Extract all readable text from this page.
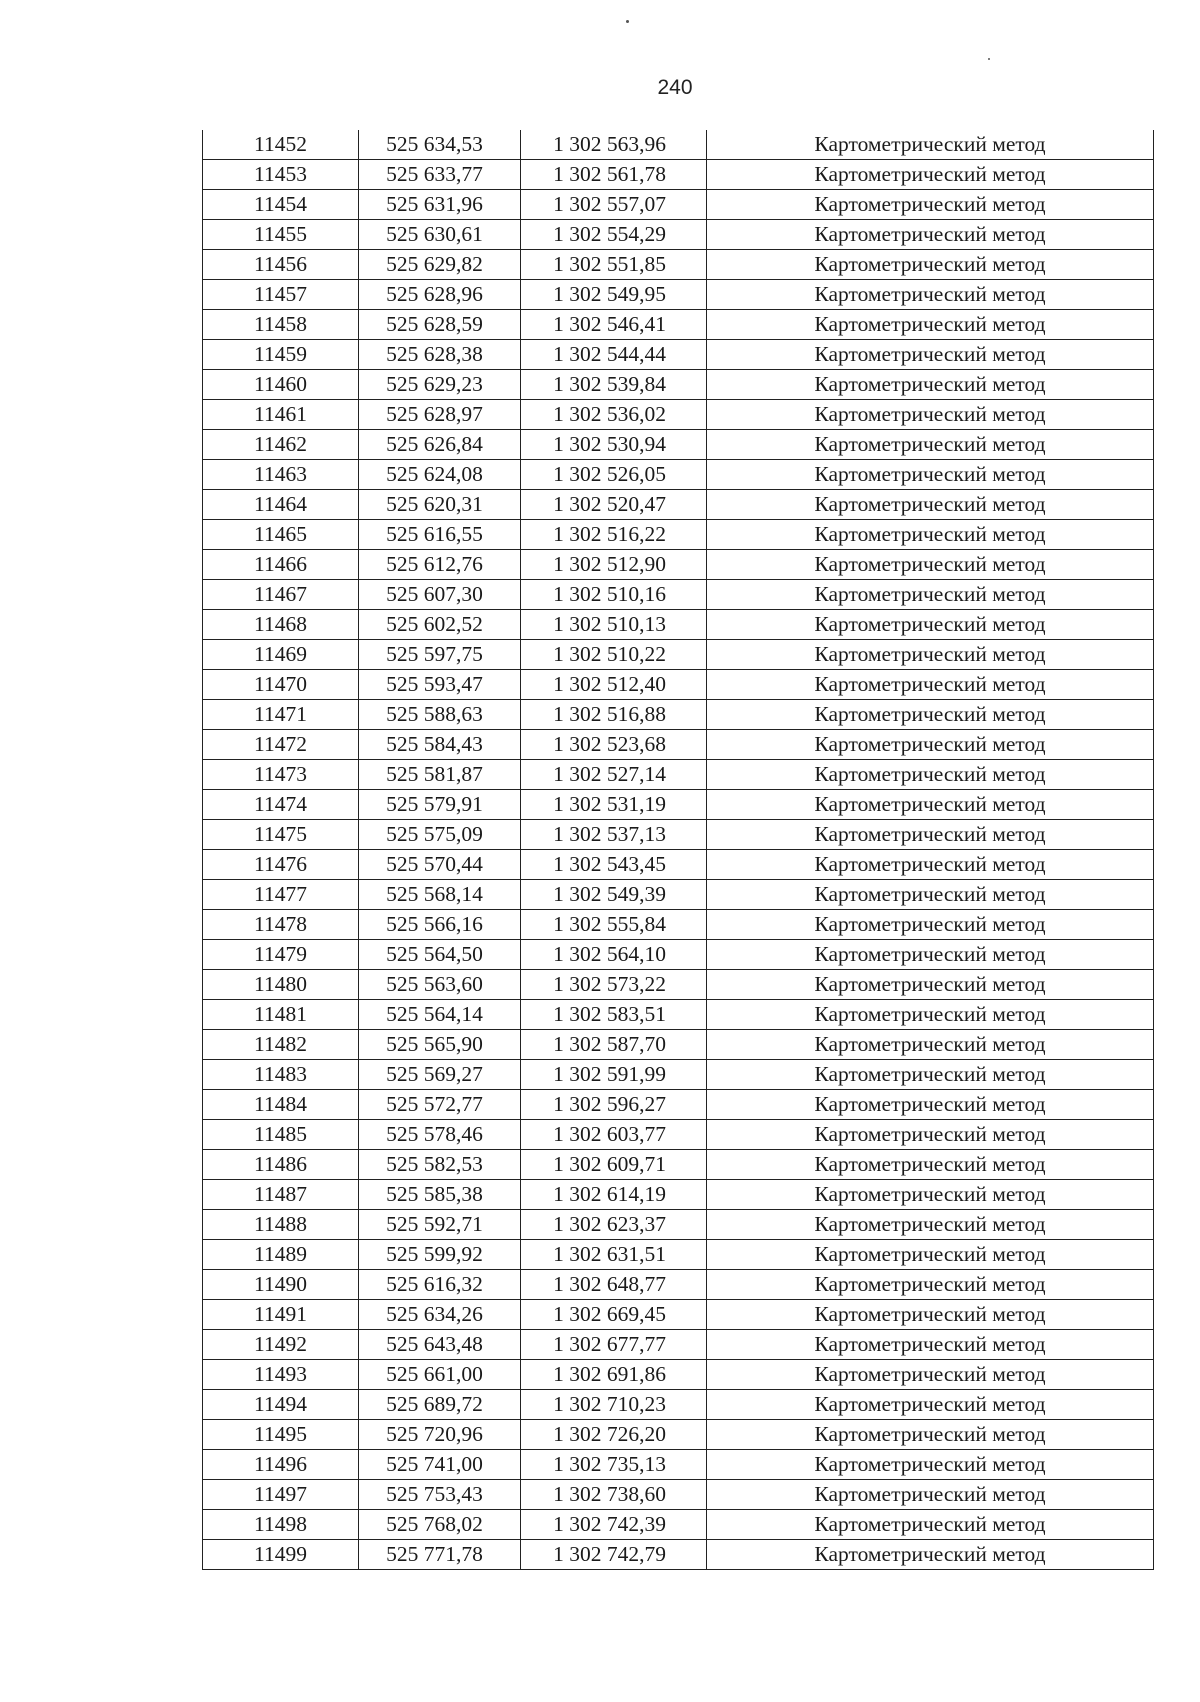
240
11452	525 634,53	1 302 563,96	Картометрический метод
11453	525 633,77	1 302 561,78	Картометрический метод
11454	525 631,96	1 302 557,07	Картометрический метод
11455	525 630,61	1 302 554,29	Картометрический метод
11456	525 629,82	1 302 551,85	Картометрический метод
11457	525 628,96	1 302 549,95	Картометрический метод
11458	525 628,59	1 302 546,41	Картометрический метод
11459	525 628,38	1 302 544,44	Картометрический метод
11460	525 629,23	1 302 539,84	Картометрический метод
11461	525 628,97	1 302 536,02	Картометрический метод
11462	525 626,84	1 302 530,94	Картометрический метод
11463	525 624,08	1 302 526,05	Картометрический метод
11464	525 620,31	1 302 520,47	Картометрический метод
11465	525 616,55	1 302 516,22	Картометрический метод
11466	525 612,76	1 302 512,90	Картометрический метод
11467	525 607,30	1 302 510,16	Картометрический метод
11468	525 602,52	1 302 510,13	Картометрический метод
11469	525 597,75	1 302 510,22	Картометрический метод
11470	525 593,47	1 302 512,40	Картометрический метод
11471	525 588,63	1 302 516,88	Картометрический метод
11472	525 584,43	1 302 523,68	Картометрический метод
11473	525 581,87	1 302 527,14	Картометрический метод
11474	525 579,91	1 302 531,19	Картометрический метод
11475	525 575,09	1 302 537,13	Картометрический метод
11476	525 570,44	1 302 543,45	Картометрический метод
11477	525 568,14	1 302 549,39	Картометрический метод
11478	525 566,16	1 302 555,84	Картометрический метод
11479	525 564,50	1 302 564,10	Картометрический метод
11480	525 563,60	1 302 573,22	Картометрический метод
11481	525 564,14	1 302 583,51	Картометрический метод
11482	525 565,90	1 302 587,70	Картометрический метод
11483	525 569,27	1 302 591,99	Картометрический метод
11484	525 572,77	1 302 596,27	Картометрический метод
11485	525 578,46	1 302 603,77	Картометрический метод
11486	525 582,53	1 302 609,71	Картометрический метод
11487	525 585,38	1 302 614,19	Картометрический метод
11488	525 592,71	1 302 623,37	Картометрический метод
11489	525 599,92	1 302 631,51	Картометрический метод
11490	525 616,32	1 302 648,77	Картометрический метод
11491	525 634,26	1 302 669,45	Картометрический метод
11492	525 643,48	1 302 677,77	Картометрический метод
11493	525 661,00	1 302 691,86	Картометрический метод
11494	525 689,72	1 302 710,23	Картометрический метод
11495	525 720,96	1 302 726,20	Картометрический метод
11496	525 741,00	1 302 735,13	Картометрический метод
11497	525 753,43	1 302 738,60	Картометрический метод
11498	525 768,02	1 302 742,39	Картометрический метод
11499	525 771,78	1 302 742,79	Картометрический метод
